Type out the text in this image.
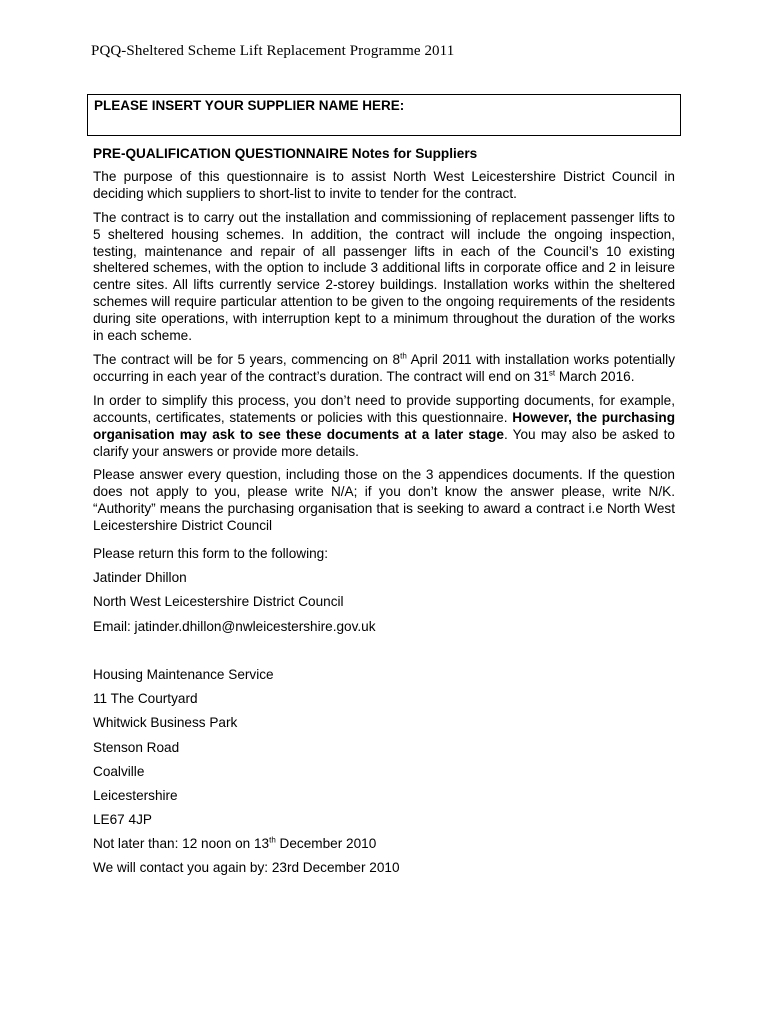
PQQ-Sheltered Scheme Lift Replacement Programme 2011
PLEASE INSERT YOUR SUPPLIER NAME HERE:
PRE-QUALIFICATION QUESTIONNAIRE Notes for Suppliers

The purpose of this questionnaire is to assist North West Leicestershire District Council in deciding which suppliers to short-list to invite to tender for the contract.

The contract is to carry out the installation and commissioning of replacement passenger lifts to 5 sheltered housing schemes. In addition, the contract will include the ongoing inspection, testing, maintenance and repair of all passenger lifts in each of the Council’s 10 existing sheltered schemes, with the option to include 3 additional lifts in corporate office and 2 in leisure centre sites. All lifts currently service 2-storey buildings. Installation works within the sheltered schemes will require particular attention to be given to the ongoing requirements of the residents during site operations, with interruption kept to a minimum throughout the duration of the works in each scheme.

The contract will be for 5 years, commencing on 8th April 2011 with installation works potentially occurring in each year of the contract’s duration. The contract will end on 31st March 2016.

In order to simplify this process, you don’t need to provide supporting documents, for example, accounts, certificates, statements or policies with this questionnaire. However, the purchasing organisation may ask to see these documents at a later stage. You may also be asked to clarify your answers or provide more details.

Please answer every question, including those on the 3 appendices documents. If the question does not apply to you, please write N/A; if you don’t know the answer please, write N/K. “Authority” means the purchasing organisation that is seeking to award a contract i.e North West Leicestershire District Council

Please return this form to the following:
Jatinder Dhillon
North West Leicestershire District Council
Email: jatinder.dhillon@nwleicestershire.gov.uk
Housing Maintenance Service
11 The Courtyard
Whitwick Business Park
Stenson Road
Coalville
Leicestershire
LE67 4JP
Not later than: 12 noon on 13th December 2010
We will contact you again by: 23rd December 2010
